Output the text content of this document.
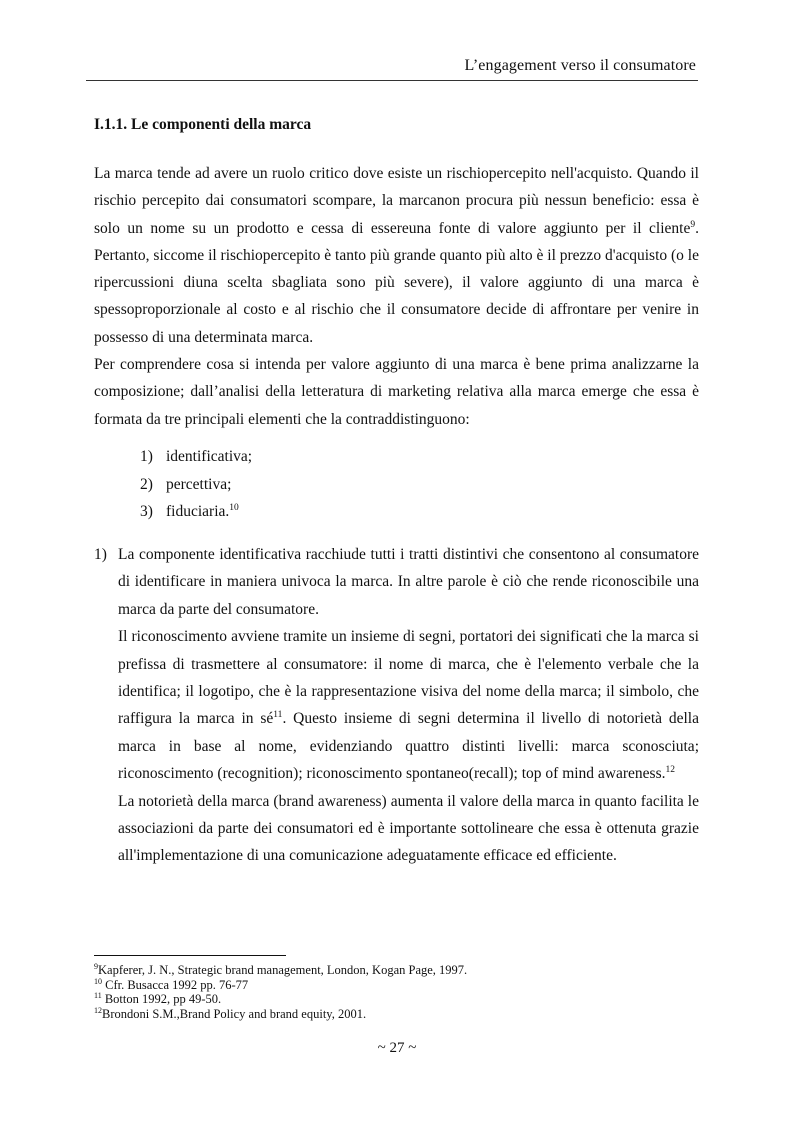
L’engagement verso il consumatore
I.1.1. Le componenti della marca

La marca tende ad avere un ruolo critico dove esiste un rischiopercepito nell'acquisto. Quando il rischio percepito dai consumatori scompare, la marcanon procura più nessun beneficio: essa è solo un nome su un prodotto e cessa di essereuna fonte di valore aggiunto per il cliente$^9$. Pertanto, siccome il rischiopercepito è tanto più grande quanto più alto è il prezzo d'acquisto (o le ripercussioni diuna scelta sbagliata sono più severe), il valore aggiunto di una marca è spessoproporzionale al costo e al rischio che il consumatore decide di affrontare per venire in possesso di una determinata marca.

Per comprendere cosa si intenda per valore aggiunto di una marca è bene prima analizzarne la composizione; dall’analisi della letteratura di marketing relativa alla marca emerge che essa è formata da tre principali elementi che la contraddistinguono:

1) identificativa;
2) percettiva;
3) fiduciaria.$^{10}$
1) La componente identificativa racchiude tutti i tratti distintivi che consentono al consumatore di identificare in maniera univoca la marca. In altre parole è ciò che rende riconoscibile una marca da parte del consumatore.

Il riconoscimento avviene tramite un insieme di segni, portatori dei significati che la marca si prefissa di trasmettere al consumatore: il nome di marca, che è l'elemento verbale che la identifica; il logotipo, che è la rappresentazione visiva del nome della marca; il simbolo, che raffigura la marca in $sé^{11}$. Questo insieme di segni determina il livello di notorietà della marca in base al nome, evidenziando quattro distinti livelli: marca sconosciuta; riconoscimento (recognition); riconoscimento spontaneo(recall); top of mind awareness.$^{12}$

La notorietà della marca (brand awareness) aumenta il valore della marca in quanto facilita le associazioni da parte dei consumatori ed è importante sottolineare che essa è ottenuta grazie all'implementazione di una comunicazione adeguatamente efficace ed efficiente.

$^9$Kapferer, J. N., Strategic brand management, London, Kogan Page, 1997.
$^{10}$ Cfr. Busacca 1992 pp. 76-77
$^{11}$ Botton 1992, pp 49-50.
$^{12}$Brondoni S.M.,Brand Policy and brand equity, 2001.
~ 27 ~
